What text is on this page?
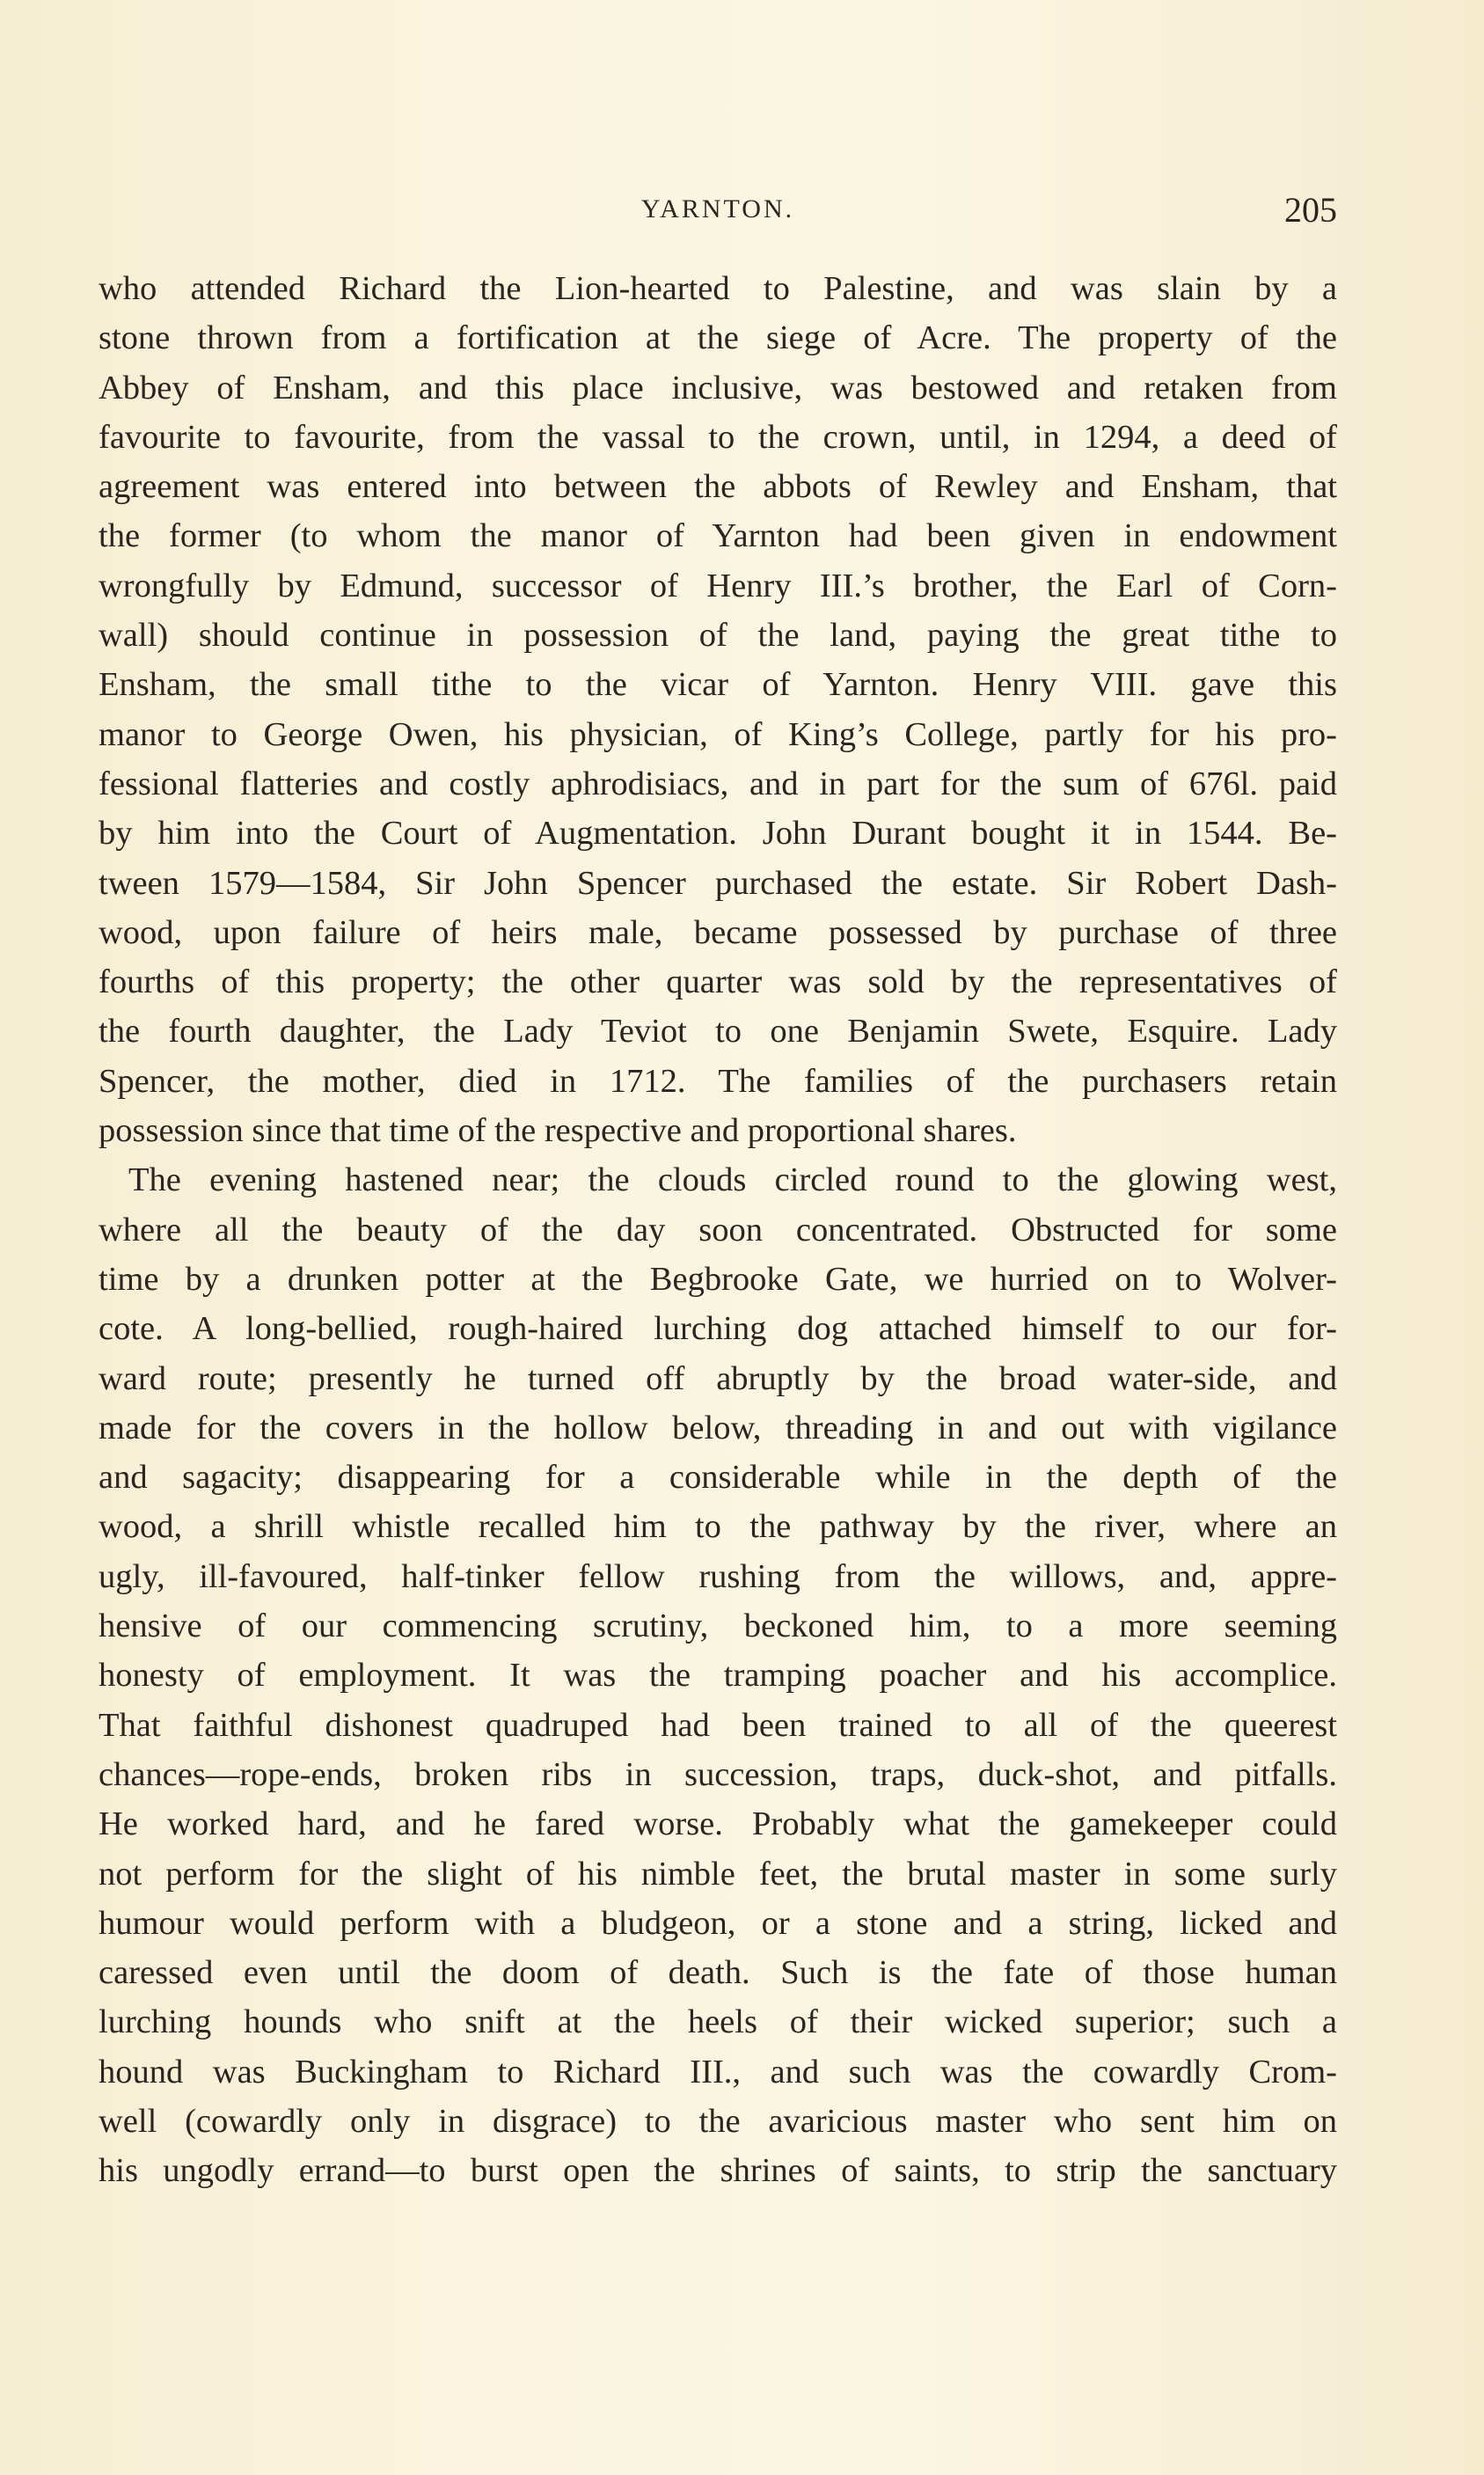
YARNTON.	205
who attended Richard the Lion-hearted to Palestine, and was slain by a
stone thrown from a fortification at the siege of Acre. The property of the
Abbey of Ensham, and this place inclusive, was bestowed and retaken from
favourite to favourite, from the vassal to the crown, until, in 1294, a deed of
agreement was entered into between the abbots of Rewley and Ensham, that
the former (to whom the manor of Yarnton had been given in endowment
wrongfully by Edmund, successor of Henry III.’s brother, the Earl of Corn-
wall) should continue in possession of the land, paying the great tithe to
Ensham, the small tithe to the vicar of Yarnton. Henry VIII. gave this
manor to George Owen, his physician, of King’s College, partly for his pro-
fessional flatteries and costly aphrodisiacs, and in part for the sum of 676l. paid
by him into the Court of Augmentation. John Durant bought it in 1544. Be-
tween 1579—1584, Sir John Spencer purchased the estate. Sir Robert Dash-
wood, upon failure of heirs male, became possessed by purchase of three
fourths of this property; the other quarter was sold by the representatives of
the fourth daughter, the Lady Teviot to one Benjamin Swete, Esquire. Lady
Spencer, the mother, died in 1712. The families of the purchasers retain
possession since that time of the respective and proportional shares.
The evening hastened near; the clouds circled round to the glowing west,
where all the beauty of the day soon concentrated. Obstructed for some
time by a drunken potter at the Begbrooke Gate, we hurried on to Wolver-
cote. A long-bellied, rough-haired lurching dog attached himself to our for-
ward route; presently he turned off abruptly by the broad water-side, and
made for the covers in the hollow below, threading in and out with vigilance
and sagacity; disappearing for a considerable while in the depth of the
wood, a shrill whistle recalled him to the pathway by the river, where an
ugly, ill-favoured, half-tinker fellow rushing from the willows, and, appre-
hensive of our commencing scrutiny, beckoned him, to a more seeming
honesty of employment. It was the tramping poacher and his accomplice.
That faithful dishonest quadruped had been trained to all of the queerest
chances—rope-ends, broken ribs in succession, traps, duck-shot, and pitfalls.
He worked hard, and he fared worse. Probably what the gamekeeper could
not perform for the slight of his nimble feet, the brutal master in some surly
humour would perform with a bludgeon, or a stone and a string, licked and
caressed even until the doom of death. Such is the fate of those human
lurching hounds who snift at the heels of their wicked superior; such a
hound was Buckingham to Richard III., and such was the cowardly Crom-
well (cowardly only in disgrace) to the avaricious master who sent him on
his ungodly errand—to burst open the shrines of saints, to strip the sanctuary
